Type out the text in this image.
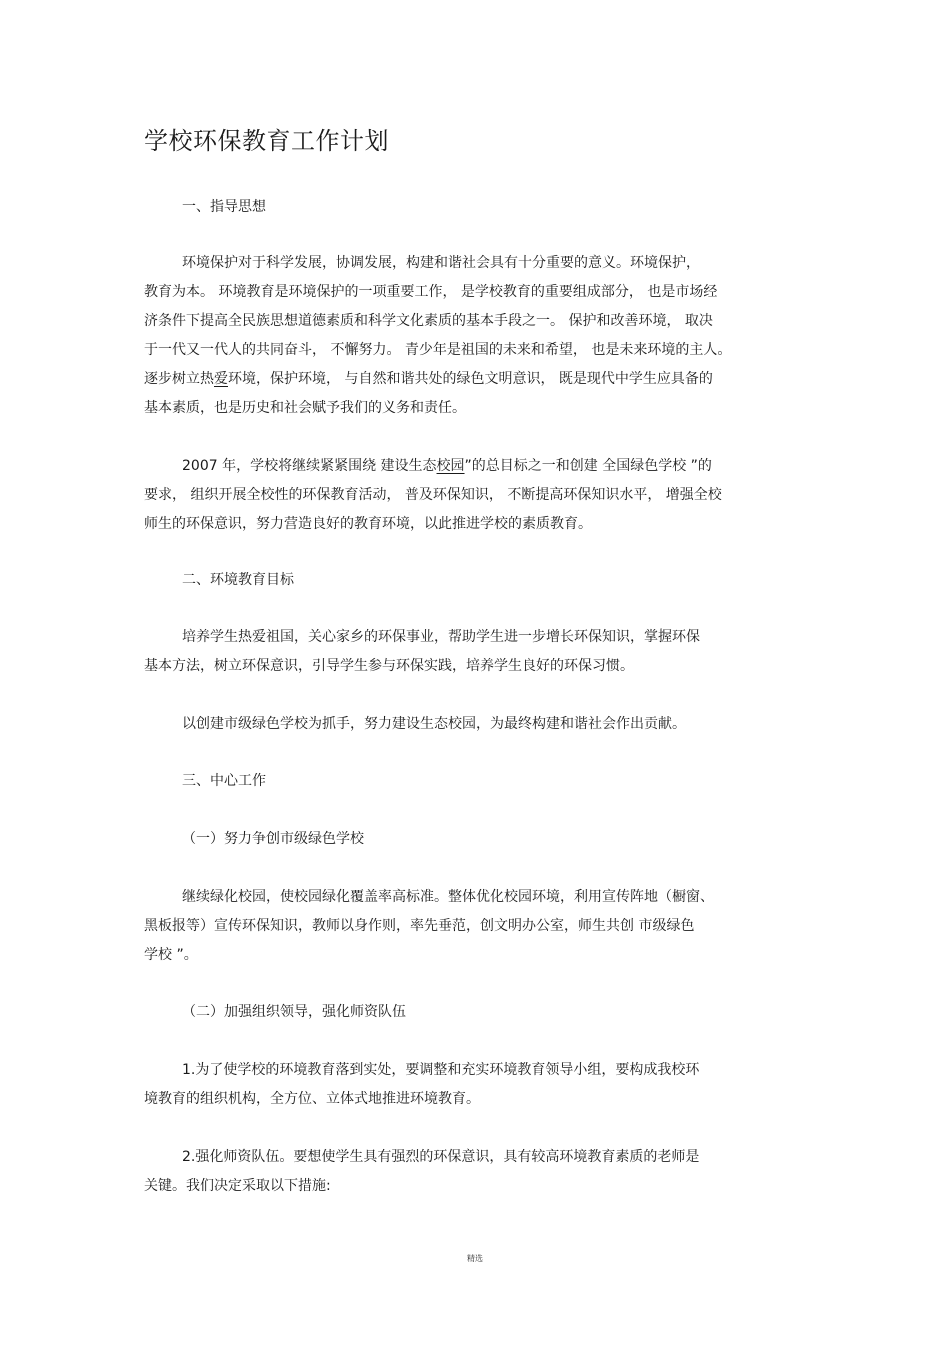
学校环保教育工作计划

一、指导思想

环境保护对于科学发展，协调发展，构建和谐社会具有十分重要的意义。环境保护，
教育为本。 环境教育是环境保护的一项重要工作， 是学校教育的重要组成部分， 也是市场经
济条件下提高全民族思想道德素质和科学文化素质的基本手段之一。 保护和改善环境， 取决
于一代又一代人的共同奋斗， 不懈努力。 青少年是祖国的未来和希望， 也是未来环境的主人。
逐步树立热爱环境，保护环境， 与自然和谐共处的绿色文明意识， 既是现代中学生应具备的
基本素质，也是历史和社会赋予我们的义务和责任。
2007 年，学校将继续紧紧围绕 建设生态校园”的总目标之一和创建 全国绿色学校 ”的
要求， 组织开展全校性的环保教育活动， 普及环保知识， 不断提高环保知识水平， 增强全校
师生的环保意识，努力营造良好的教育环境，以此推进学校的素质教育。

二、环境教育目标

培养学生热爱祖国，关心家乡的环保事业，帮助学生进一步增长环保知识，掌握环保
基本方法，树立环保意识，引导学生参与环保实践，培养学生良好的环保习惯。

以创建市级绿色学校为抓手，努力建设生态校园，为最终构建和谐社会作出贡献。

三、中心工作

（一）努力争创市级绿色学校

继续绿化校园，使校园绿化覆盖率高标准。整体优化校园环境，利用宣传阵地（橱窗、
黑板报等）宣传环保知识，教师以身作则，率先垂范，创文明办公室，师生共创 市级绿色
学校 ”。

（二）加强组织领导，强化师资队伍

1.为了使学校的环境教育落到实处，要调整和充实环境教育领导小组，要构成我校环
境教育的组织机构，全方位、立体式地推进环境教育。
2.强化师资队伍。要想使学生具有强烈的环保意识，具有较高环境教育素质的老师是
关键。我们决定采取以下措施:
精选
